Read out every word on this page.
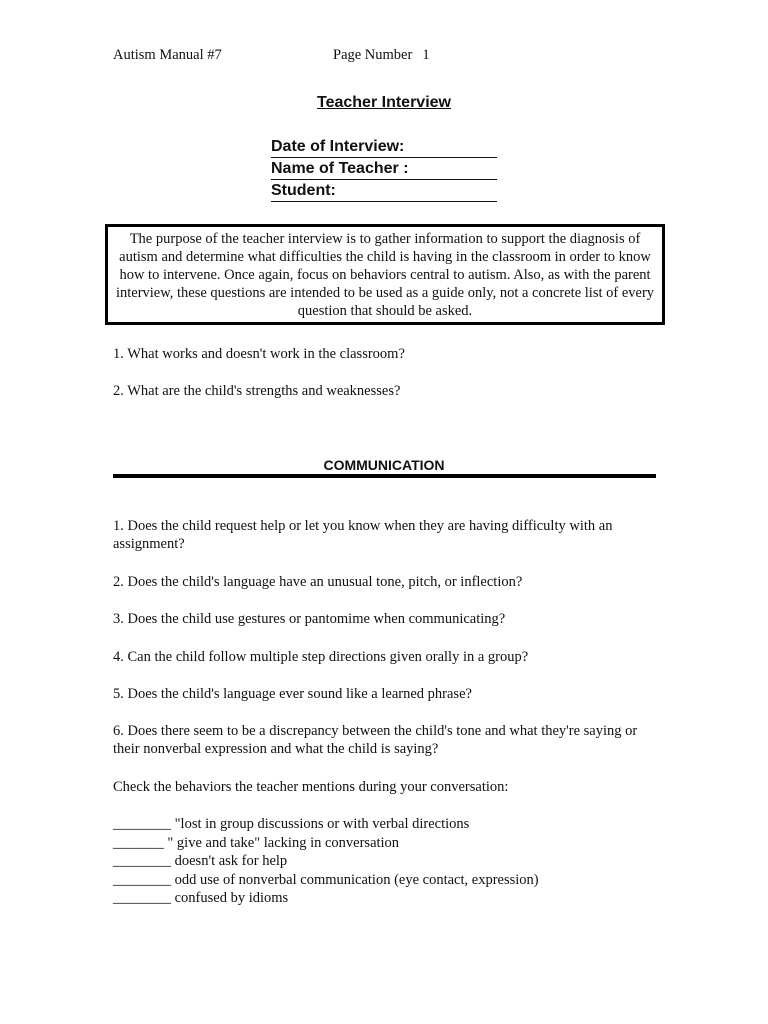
Autism Manual #7	Page Number 1
Teacher Interview
Date of Interview:
Name of Teacher :
Student:

The purpose of the teacher interview is to gather information to support the diagnosis of autism and determine what difficulties the child is having in the classroom in order to know how to intervene. Once again, focus on behaviors central to autism. Also, as with the parent interview, these questions are intended to be used as a guide only, not a concrete list of every question that should be asked.

1. What works and doesn't work in the classroom?
2. What are the child's strengths and weaknesses?
COMMUNICATION
1. Does the child request help or let you know when they are having difficulty with an assignment?
2. Does the child's language have an unusual tone, pitch, or inflection?
3. Does the child use gestures or pantomime when communicating?
4. Can the child follow multiple step directions given orally in a group?
5. Does the child's language ever sound like a learned phrase?
6. Does there seem to be a discrepancy between the child's tone and what they're saying or their nonverbal expression and what the child is saying?
Check the behaviors the teacher mentions during your conversation:
________ "lost in group discussions or with verbal directions
_______ " give and take" lacking in conversation
________ doesn't ask for help
________ odd use of nonverbal communication (eye contact, expression)
________ confused by idioms
